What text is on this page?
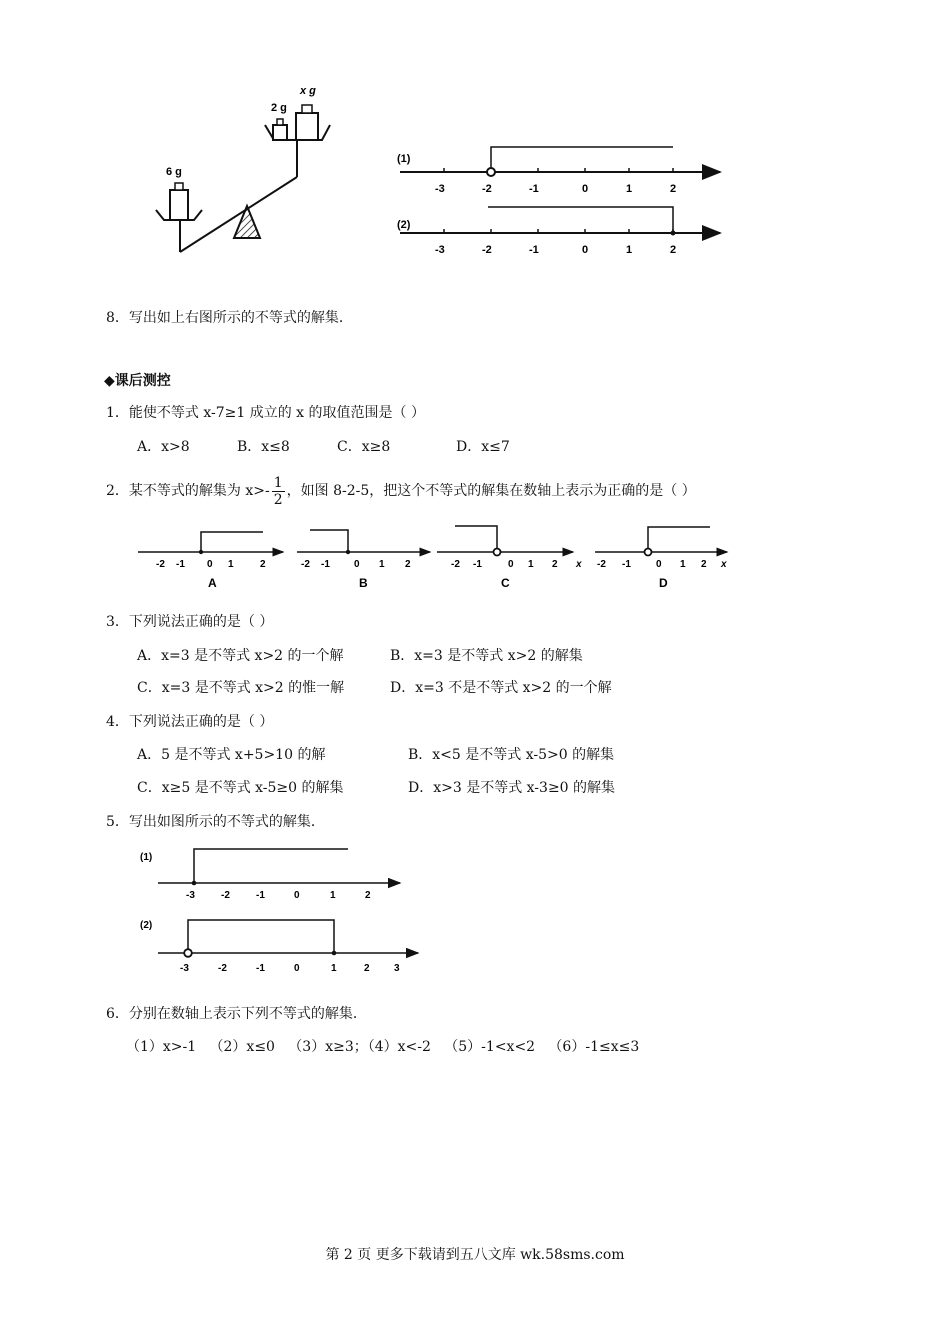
6 g
2 g
x g
(1)
-3	-2	-1	0	1	2
(2)
-3	-2	-1	0	1	2
8．写出如上右图所示的不等式的解集．
◆课后测控
1．能使不等式 x-7≥1 成立的 x 的取值范围是（ ）
A．x>8	B．x≤8	C．x≥8	D．x≤7
2．某不等式的解集为 $x>- \frac{1}{2}$ ，如图 8-2-5，把这个不等式的解集在数轴上表示为正确的是（ ）
-2 -1 0 1	2
A
-2 -1 0 1 2
B
-2 -1	0 1 2 x
C
-2 -1	0 1 2 x
D
3．下列说法正确的是（ ）
A．x=3 是不等式 x>2 的一个解	B．x=3 是不等式 x>2 的解集
C．x=3 是不等式 x>2 的惟一解	D．x=3 不是不等式 x>2 的一个解
4．下列说法正确的是（ ）
A．5 是不等式 x+5>10 的解	B．x<5 是不等式 x-5>0 的解集
C．x≥5 是不等式 x-5≥0 的解集	D．x>3 是不等式 x-3≥0 的解集
5．写出如图所示的不等式的解集．
(1)
-3	-2	-1	0	1	2
(2)
-3	-2	-1	0	1	2 3
6．分别在数轴上表示下列不等式的解集．
（1）x>-1   （2）x≤0   （3）x≥3；（4）x<-2   （5）-1<x<2   （6）-1≤x≤3
第 2 页 更多下载请到五八文库 wk.58sms.com
